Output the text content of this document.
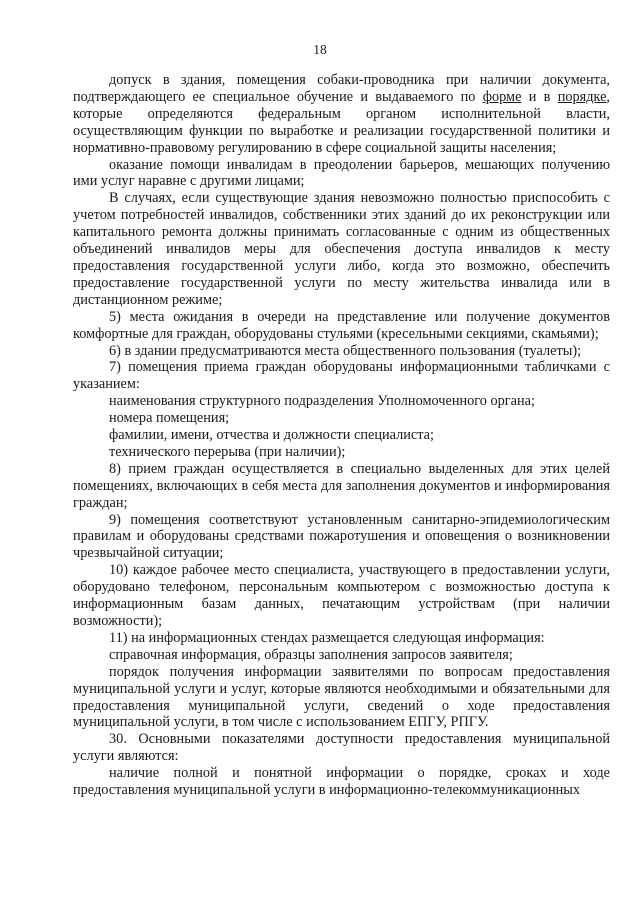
18

допуск в здания, помещения собаки-проводника при наличии документа, подтверждающего ее специальное обучение и выдаваемого по форме и в порядке, которые определяются федеральным органом исполнительной власти, осуществляющим функции по выработке и реализации государственной политики и нормативно-правовому регулированию в сфере социальной защиты населения;

оказание помощи инвалидам в преодолении барьеров, мешающих получению ими услуг наравне с другими лицами;

В случаях, если существующие здания невозможно полностью приспособить с учетом потребностей инвалидов, собственники этих зданий до их реконструкции или капитального ремонта должны принимать согласованные с одним из общественных объединений инвалидов меры для обеспечения доступа инвалидов к месту предоставления государственной услуги либо, когда это возможно, обеспечить предоставление государственной услуги по месту жительства инвалида или в дистанционном режиме;

5) места ожидания в очереди на представление или получение документов комфортные для граждан, оборудованы стульями (кресельными секциями, скамьями);

6) в здании предусматриваются места общественного пользования (туалеты);

7) помещения приема граждан оборудованы информационными табличками с указанием:

наименования структурного подразделения Уполномоченного органа;

номера помещения;

фамилии, имени, отчества и должности специалиста;

технического перерыва (при наличии);

8) прием граждан осуществляется в специально выделенных для этих целей помещениях, включающих в себя места для заполнения документов и информирования граждан;

9) помещения соответствуют установленным санитарно-эпидемиологическим правилам и оборудованы средствами пожаротушения и оповещения о возникновении чрезвычайной ситуации;

10) каждое рабочее место специалиста, участвующего в предоставлении услуги, оборудовано телефоном, персональным компьютером с возможностью доступа к информационным базам данных, печатающим устройствам (при наличии возможности);

11) на информационных стендах размещается следующая информация:

справочная информация, образцы заполнения запросов заявителя;

порядок получения информации заявителями по вопросам предоставления муниципальной услуги и услуг, которые являются необходимыми и обязательными для предоставления муниципальной услуги, сведений о ходе предоставления муниципальной услуги, в том числе с использованием ЕПГУ, РПГУ.

30. Основными показателями доступности предоставления муниципальной услуги являются:

наличие полной и понятной информации о порядке, сроках и ходе предоставления муниципальной услуги в информационно-телекоммуникационных
